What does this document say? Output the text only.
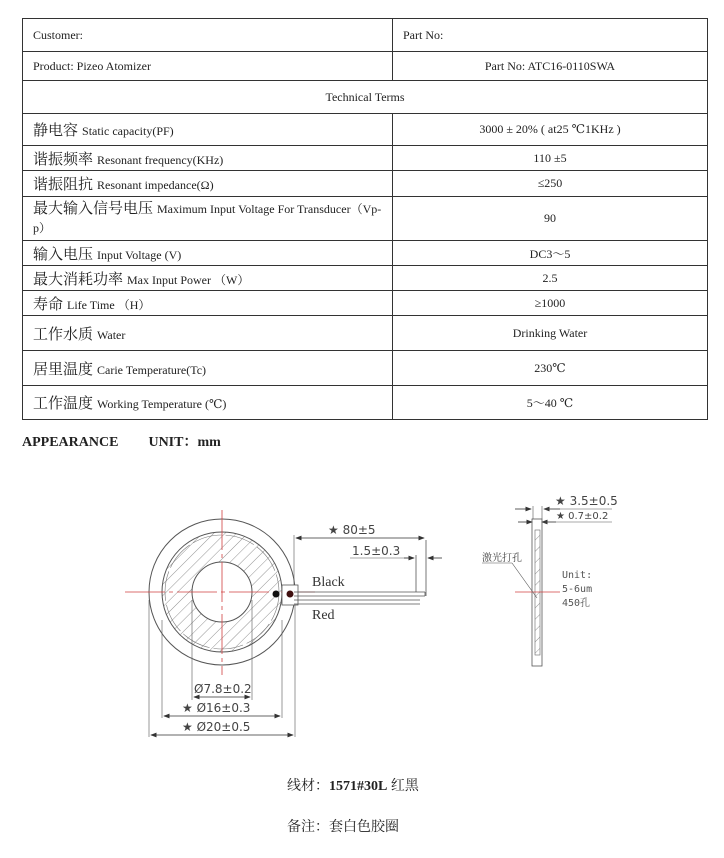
Customer:	Part No:
Product: Pizeo Atomizer	Part No: ATC16-0110SWA
Technical Terms	
静电容 Static capacity(PF)	3000 ± 20% ( at25 ℃1KHz )
谐振频率 Resonant frequency(KHz)	110 ±5
谐振阻抗 Resonant impedance(Ω)	≤250
最大输入信号电压 Maximum Input Voltage For Transducer（Vp-p）	90
输入电压 Input Voltage (V)	DC3～5
最大消耗功率 Max Input Power （W）	2.5
寿命 Life Time （H）	≥1000
工作水质 Water	Drinking Water
居里温度 Carie Temperature(Tc)	230℃
工作温度 Working Temperature (℃)	5～40 ℃
APPEARANCE UNIT：mm
Black
Red
★ 80±5
1.5±0.3
Ø7.8±0.2
★ Ø16±0.3
★ Ø20±0.5
★ 3.5±0.5
★ 0.7±0.2
激光打孔
Unit:
5-6um
450孔
线材：1571#30L 红黑
备注：套白色胶圈
